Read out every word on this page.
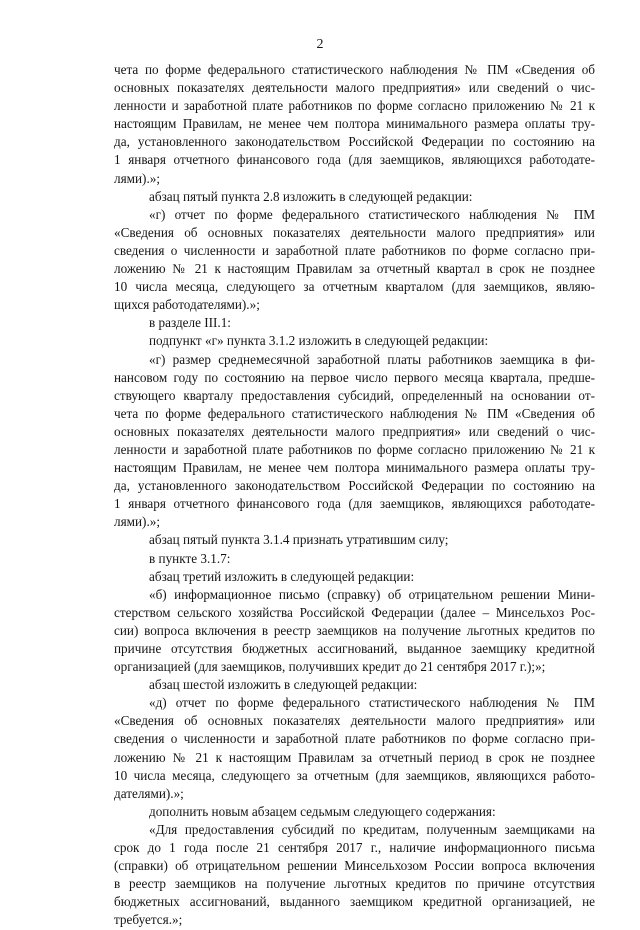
2
чета по форме федерального статистического наблюдения № ПМ «Сведения об
основных показателях деятельности малого предприятия» или сведений о чис-
ленности и заработной плате работников по форме согласно приложению № 21 к
настоящим Правилам, не менее чем полтора минимального размера оплаты тру-
да, установленного законодательством Российской Федерации по состоянию на
1 января отчетного финансового года (для заемщиков, являющихся работодате-
лями).»;
абзац пятый пункта 2.8 изложить в следующей редакции:
«г) отчет по форме федерального статистического наблюдения № ПМ
«Сведения об основных показателях деятельности малого предприятия» или
сведения о численности и заработной плате работников по форме согласно при-
ложению № 21 к настоящим Правилам за отчетный квартал в срок не позднее
10 числа месяца, следующего за отчетным кварталом (для заемщиков, являю-
щихся работодателями).»;
в разделе III.1:
подпункт «г» пункта 3.1.2 изложить в следующей редакции:
«г) размер среднемесячной заработной платы работников заемщика в фи-
нансовом году по состоянию на первое число первого месяца квартала, предше-
ствующего кварталу предоставления субсидий, определенный на основании от-
чета по форме федерального статистического наблюдения № ПМ «Сведения об
основных показателях деятельности малого предприятия» или сведений о чис-
ленности и заработной плате работников по форме согласно приложению № 21 к
настоящим Правилам, не менее чем полтора минимального размера оплаты тру-
да, установленного законодательством Российской Федерации по состоянию на
1 января отчетного финансового года (для заемщиков, являющихся работодате-
лями).»;
абзац пятый пункта 3.1.4 признать утратившим силу;
в пункте 3.1.7:
абзац третий изложить в следующей редакции:
«б) информационное письмо (справку) об отрицательном решении Мини-
стерством сельского хозяйства Российской Федерации (далее – Минсельхоз Рос-
сии) вопроса включения в реестр заемщиков на получение льготных кредитов по
причине отсутствия бюджетных ассигнований, выданное заемщику кредитной
организацией (для заемщиков, получивших кредит до 21 сентября 2017 г.);»;
абзац шестой изложить в следующей редакции:
«д) отчет по форме федерального статистического наблюдения № ПМ
«Сведения об основных показателях деятельности малого предприятия» или
сведения о численности и заработной плате работников по форме согласно при-
ложению № 21 к настоящим Правилам за отчетный период в срок не позднее
10 числа месяца, следующего за отчетным (для заемщиков, являющихся работо-
дателями).»;
дополнить новым абзацем седьмым следующего содержания:
«Для предоставления субсидий по кредитам, полученным заемщиками на
срок до 1 года после 21 сентября 2017 г., наличие информационного письма
(справки) об отрицательном решении Минсельхозом России вопроса включения
в реестр заемщиков на получение льготных кредитов по причине отсутствия
бюджетных ассигнований, выданного заемщиком кредитной организацией, не
требуется.»;
